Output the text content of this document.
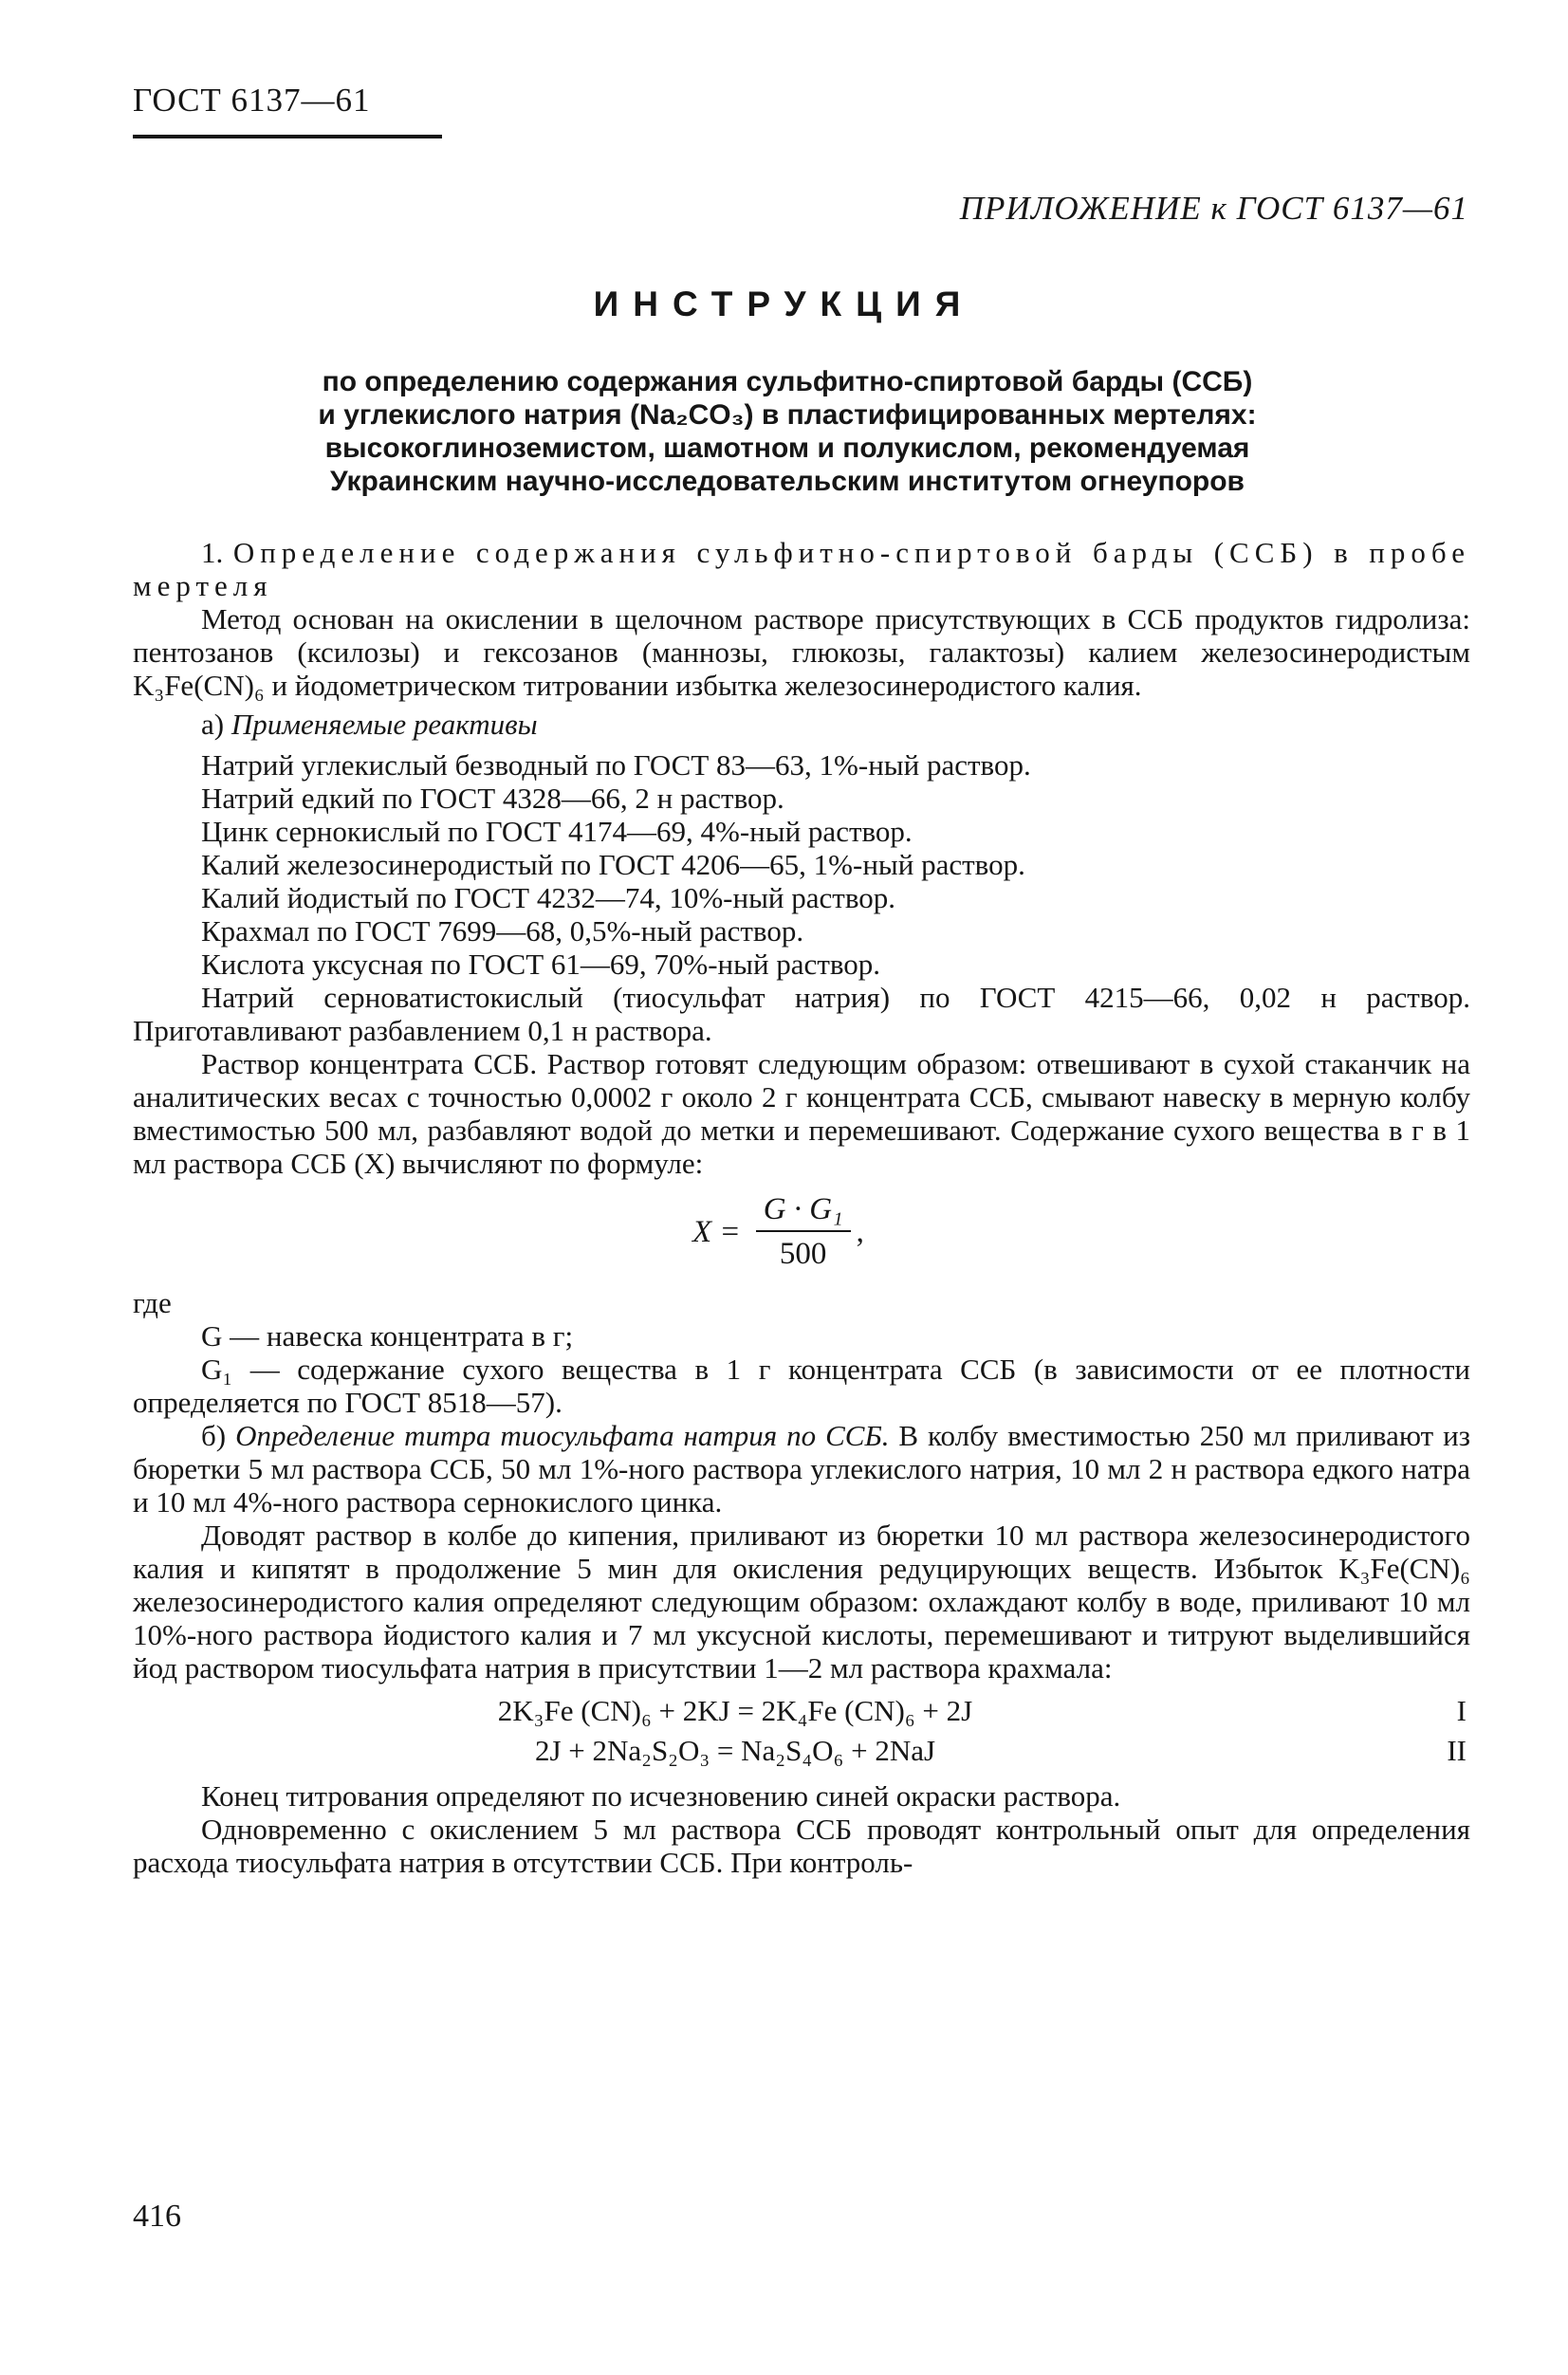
ГОСТ 6137—61
ПРИЛОЖЕНИЕ к ГОСТ 6137—61
ИНСТРУКЦИЯ
по определению содержания сульфитно-спиртовой барды (ССБ)
и углекислого натрия (Na₂CO₃) в пластифицированных мертелях:
высокоглиноземистом, шамотном и полукислом, рекомендуемая
Украинским научно-исследовательским институтом огнеупоров

1. Определение содержания сульфитно-спиртовой барды (ССБ) в пробе мертеля

Метод основан на окислении в щелочном растворе присутствующих в ССБ продуктов гидролиза: пентозанов (ксилозы) и гексозанов (маннозы, глюкозы, галактозы) калием железосинеродистым K₃Fe(CN)₆ и йодометрическом титровании избытка железосинеродистого калия.

а) Применяемые реактивы

Натрий углекислый безводный по ГОСТ 83—63, 1%-ный раствор.

Натрий едкий по ГОСТ 4328—66, 2 н раствор.

Цинк сернокислый по ГОСТ 4174—69, 4%-ный раствор.

Калий железосинеродистый по ГОСТ 4206—65, 1%-ный раствор.

Калий йодистый по ГОСТ 4232—74, 10%-ный раствор.

Крахмал по ГОСТ 7699—68, 0,5%-ный раствор.

Кислота уксусная по ГОСТ 61—69, 70%-ный раствор.

Натрий серноватистокислый (тиосульфат натрия) по ГОСТ 4215—66, 0,02 н раствор. Приготавливают разбавлением 0,1 н раствора.

Раствор концентрата ССБ. Раствор готовят следующим образом: отвешивают в сухой стаканчик на аналитических весах с точностью 0,0002 г около 2 г концентрата ССБ, смывают навеску в мерную колбу вместимостью 500 мл, разбавляют водой до метки и перемешивают. Содержание сухого вещества в г в 1 мл раствора ССБ (X) вычисляют по формуле:

$X = \frac{\text{G · G₁}}{500}$ ,

где

G — навеска концентрата в г;

G₁ — содержание сухого вещества в 1 г концентрата ССБ (в зависимости от ее плотности определяется по ГОСТ 8518—57).

б) Определение титра тиосульфата натрия по ССБ. В колбу вместимостью 250 мл приливают из бюретки 5 мл раствора ССБ, 50 мл 1%-ного раствора углекислого натрия, 10 мл 2 н раствора едкого натра и 10 мл 4%-ного раствора сернокислого цинка.

Доводят раствор в колбе до кипения, приливают из бюретки 10 мл раствора железосинеродистого калия и кипятят в продолжение 5 мин для окисления редуцирующих веществ. Избыток K₃Fe(CN)₆ железосинеродистого калия определяют следующим образом: охлаждают колбу в воде, приливают 10 мл 10%-ного раствора йодистого калия и 7 мл уксусной кислоты, перемешивают и титруют выделившийся йод раствором тиосульфата натрия в присутствии 1—2 мл раствора крахмала:

2K₃Fe (CN)₆ + 2KJ = 2K₄Fe (CN)₆ + 2J	I
2J + 2Na₂S₂O₃ = Na₂S₄O₆ + 2NaJ	II

Конец титрования определяют по исчезновению синей окраски раствора.

Одновременно с окислением 5 мл раствора ССБ проводят контрольный опыт для определения расхода тиосульфата натрия в отсутствии ССБ. При контроль-

416
